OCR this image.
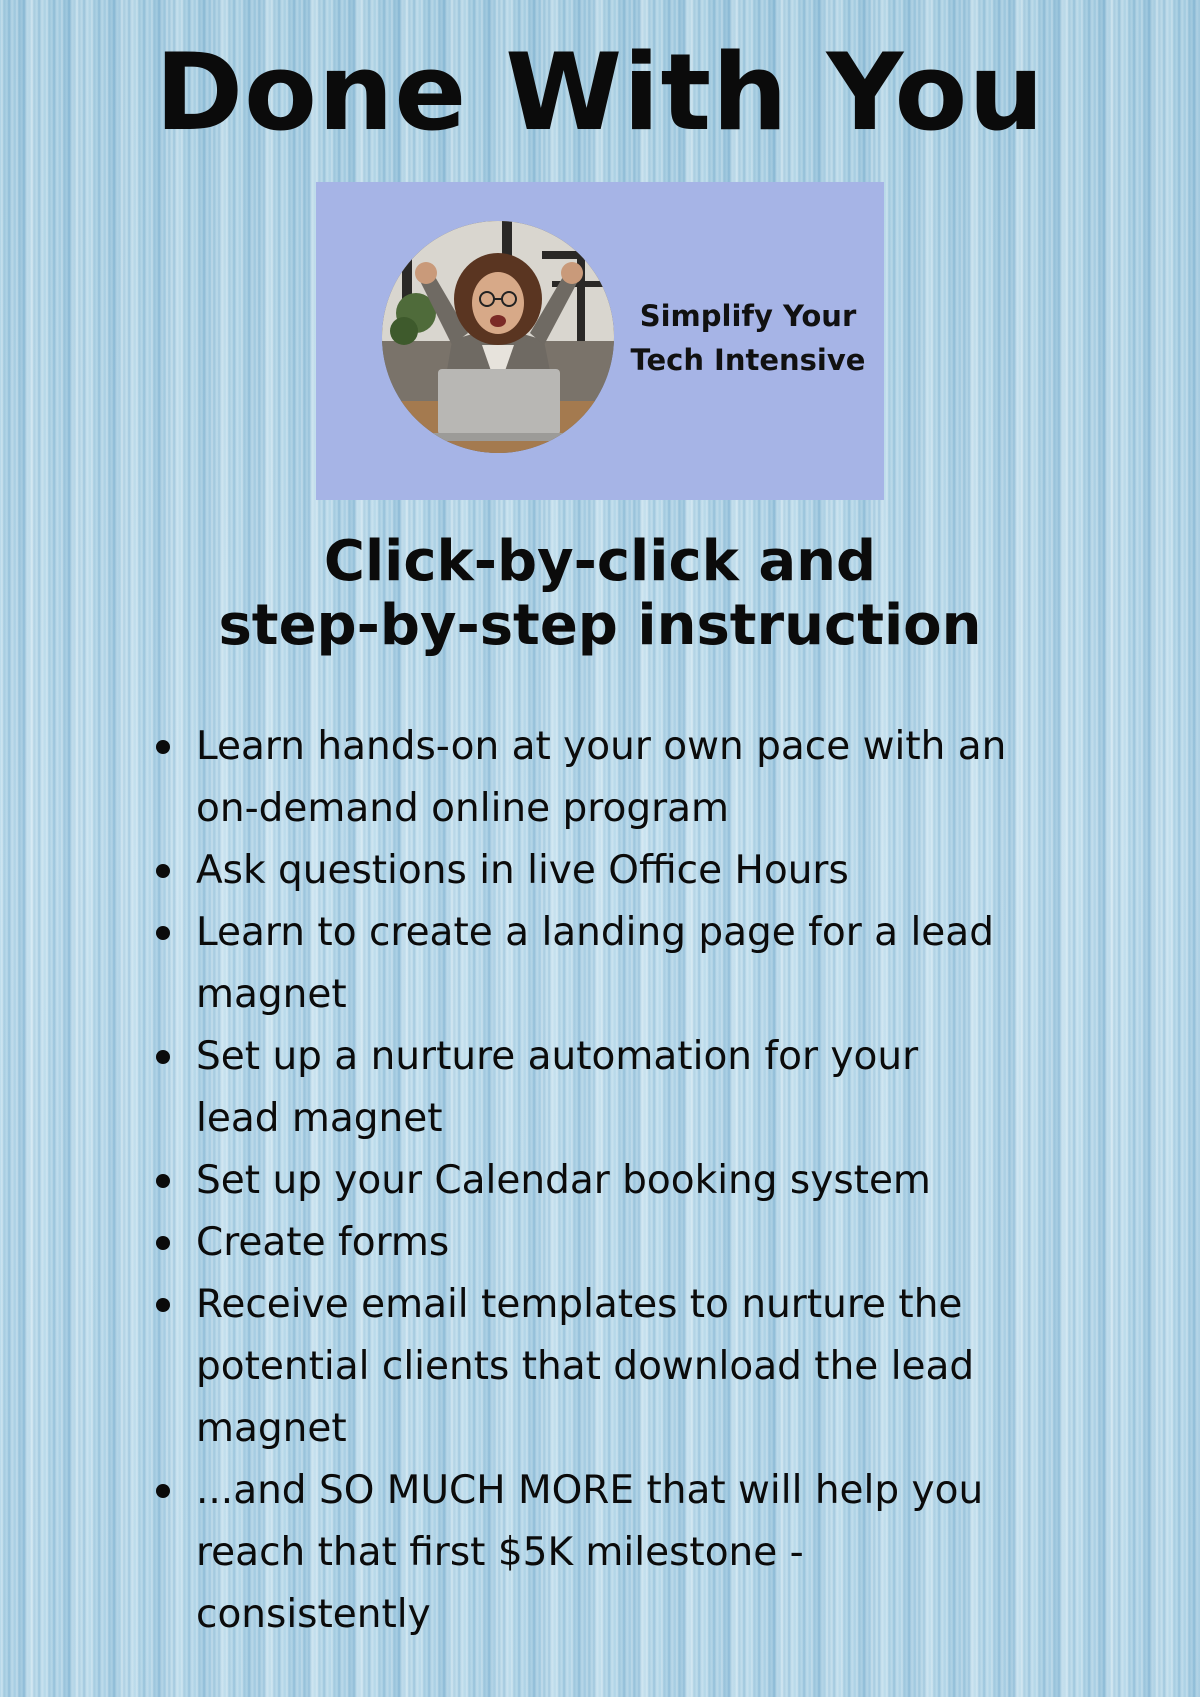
Done With You
Simplify Your
Tech Intensive
Click-by-click and
step-by-step instruction
Learn hands-on at your own pace with an
on-demand online program
Ask questions in live Office Hours
Learn to create a landing page for a lead
magnet
Set up a nurture automation for your
lead magnet
Set up your Calendar booking system
Create forms
Receive email templates to nurture the
potential clients that download the lead
magnet
...and SO MUCH MORE that will help you
reach that first $5K milestone -
consistently
